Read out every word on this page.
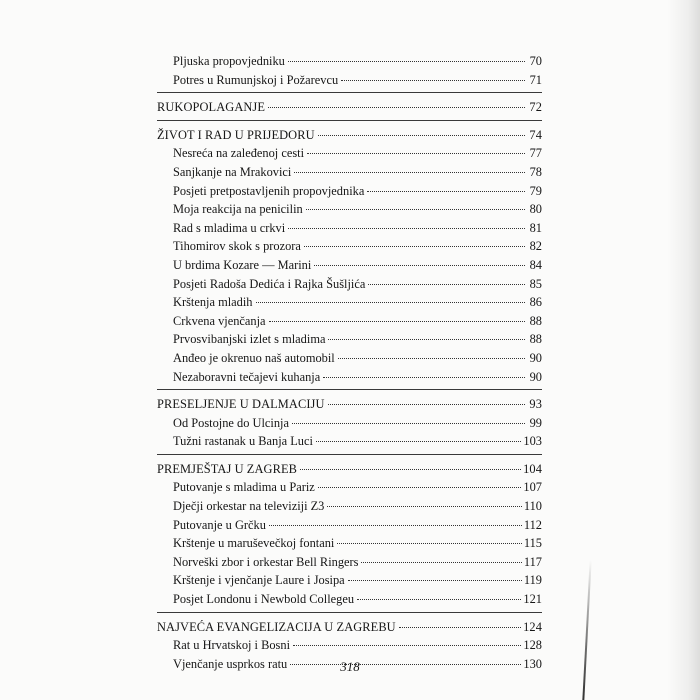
Pljuska propovjedniku	70
Potres u Rumunjskoj i Požarevcu	71
RUKOPOLAGANJE	72
ŽIVOT I RAD U PRIJEDORU	74
Nesreća na zaleđenoj cesti	77
Sanjkanje na Mrakovici	78
Posjeti pretpostavljenih propovjednika	79
Moja reakcija na penicilin	80
Rad s mladima u crkvi	81
Tihomirov skok s prozora	82
U brdima Kozare — Marini	84
Posjeti Radoša Dedića i Rajka Šušljića	85
Krštenja mladih	86
Crkvena vjenčanja	88
Prvosvibanjski izlet s mladima	88
Anđeo je okrenuo naš automobil	90
Nezaboravni tečajevi kuhanja	90
PRESELJENJE U DALMACIJU	93
Od Postojne do Ulcinja	99
Tužni rastanak u Banja Luci	103
PREMJEŠTAJ U ZAGREB	104
Putovanje s mladima u Pariz	107
Dječji orkestar na televiziji Z3	110
Putovanje u Grčku	112
Krštenje u maruševečkoj fontani	115
Norveški zbor i orkestar Bell Ringers	117
Krštenje i vjenčanje Laure i Josipa	119
Posjet Londonu i Newbold Collegeu	121
NAJVEĆA EVANGELIZACIJA U ZAGREBU	124
Rat u Hrvatskoj i Bosni	128
Vjenčanje usprkos ratu	130
318
